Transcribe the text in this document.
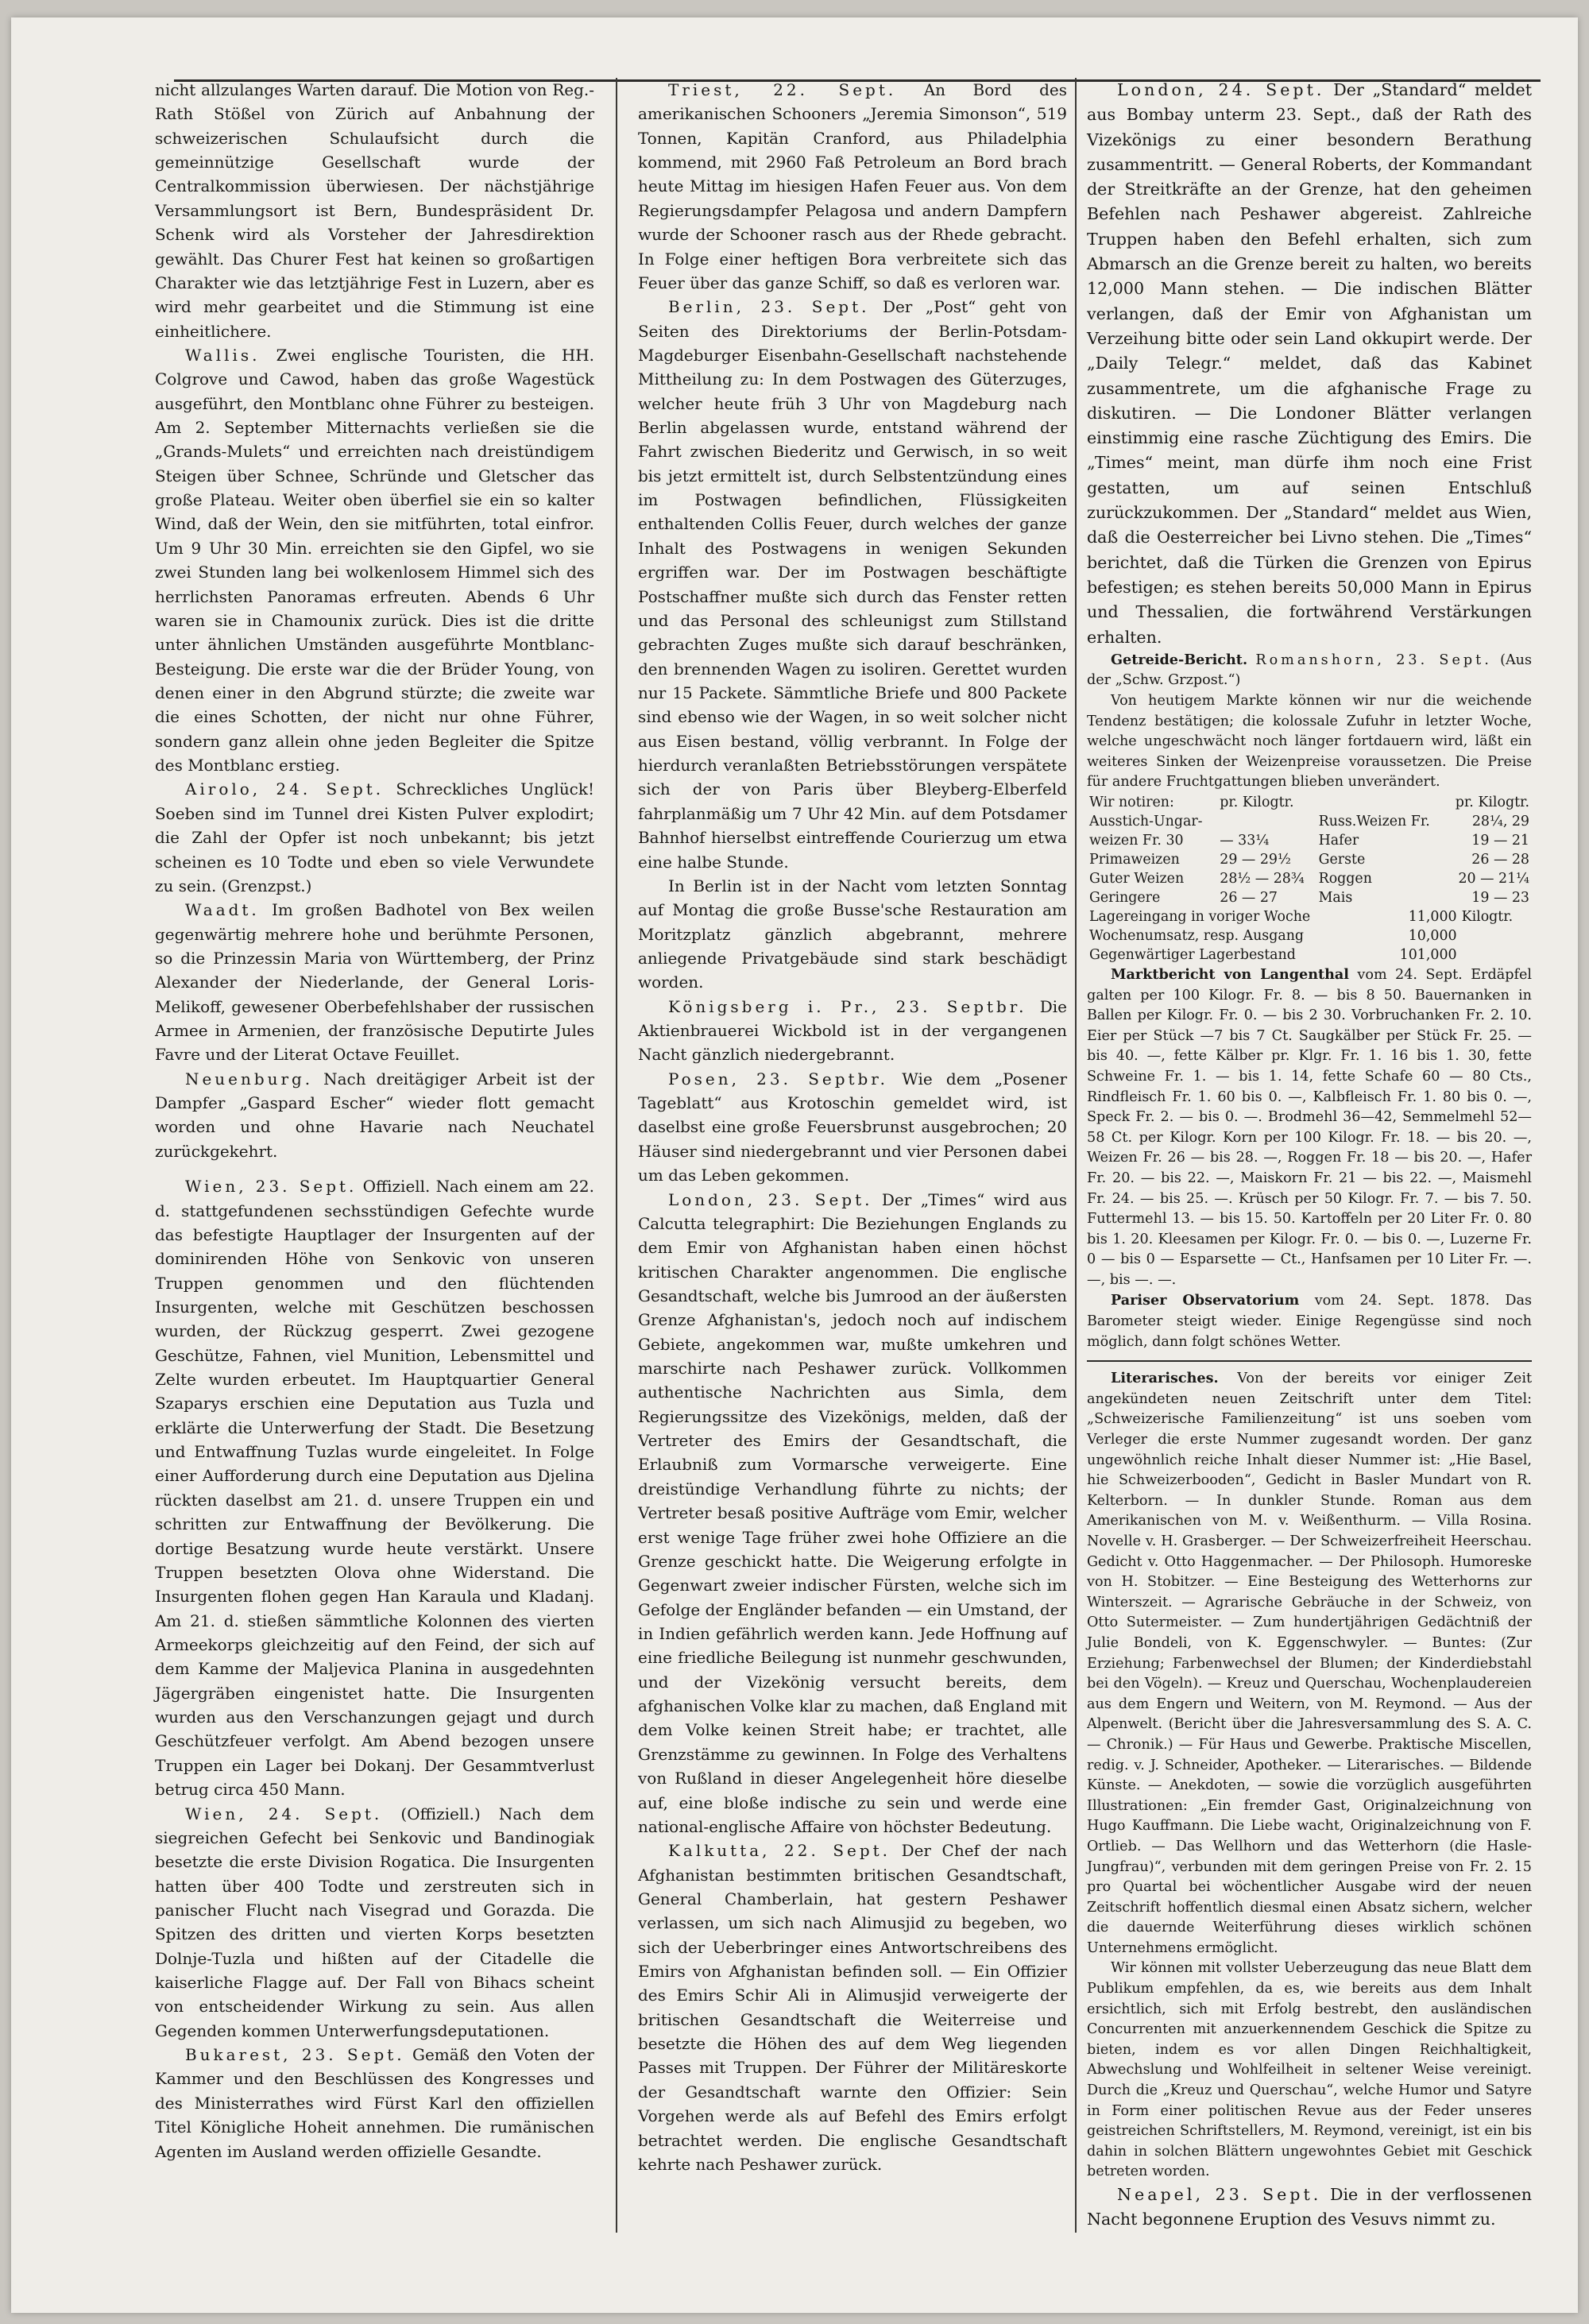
nicht allzulanges Warten darauf. Die Motion von Reg.-Rath Stößel von Zürich auf Anbahnung der schweizerischen Schulaufsicht durch die gemeinnützige Gesellschaft wurde der Centralkommission überwiesen. Der nächstjährige Versammlungsort ist Bern, Bundespräsident Dr. Schenk wird als Vorsteher der Jahresdirektion gewählt. Das Churer Fest hat keinen so großartigen Charakter wie das letztjährige Fest in Luzern, aber es wird mehr gearbeitet und die Stimmung ist eine einheitlichere.

Wallis. Zwei englische Touristen, die HH. Colgrove und Cawod, haben das große Wagestück ausgeführt, den Montblanc ohne Führer zu besteigen. Am 2. September Mitternachts verließen sie die „Grands-Mulets“ und erreichten nach dreistündigem Steigen über Schnee, Schründe und Gletscher das große Plateau. Weiter oben überfiel sie ein so kalter Wind, daß der Wein, den sie mitführten, total einfror. Um 9 Uhr 30 Min. erreichten sie den Gipfel, wo sie zwei Stunden lang bei wolkenlosem Himmel sich des herrlichsten Panoramas erfreuten. Abends 6 Uhr waren sie in Chamounix zurück. Dies ist die dritte unter ähnlichen Umständen ausgeführte Montblanc-Besteigung. Die erste war die der Brüder Young, von denen einer in den Abgrund stürzte; die zweite war die eines Schotten, der nicht nur ohne Führer, sondern ganz allein ohne jeden Begleiter die Spitze des Montblanc erstieg.

Airolo, 24. Sept. Schreckliches Unglück! Soeben sind im Tunnel drei Kisten Pulver explodirt; die Zahl der Opfer ist noch unbekannt; bis jetzt scheinen es 10 Todte und eben so viele Verwundete zu sein. (Grenzpst.)

Waadt. Im großen Badhotel von Bex weilen gegenwärtig mehrere hohe und berühmte Personen, so die Prinzessin Maria von Württemberg, der Prinz Alexander der Niederlande, der General Loris-Melikoff, gewesener Oberbefehlshaber der russischen Armee in Armenien, der französische Deputirte Jules Favre und der Literat Octave Feuillet.

Neuenburg. Nach dreitägiger Arbeit ist der Dampfer „Gaspard Escher“ wieder flott gemacht worden und ohne Havarie nach Neuchatel zurückgekehrt.

Wien, 23. Sept. Offiziell. Nach einem am 22. d. stattgefundenen sechsstündigen Gefechte wurde das befestigte Hauptlager der Insurgenten auf der dominirenden Höhe von Senkovic von unseren Truppen genommen und den flüchtenden Insurgenten, welche mit Geschützen beschossen wurden, der Rückzug gesperrt. Zwei gezogene Geschütze, Fahnen, viel Munition, Lebensmittel und Zelte wurden erbeutet. Im Hauptquartier General Szaparys erschien eine Deputation aus Tuzla und erklärte die Unterwerfung der Stadt. Die Besetzung und Entwaffnung Tuzlas wurde eingeleitet. In Folge einer Aufforderung durch eine Deputation aus Djelina rückten daselbst am 21. d. unsere Truppen ein und schritten zur Entwaffnung der Bevölkerung. Die dortige Besatzung wurde heute verstärkt. Unsere Truppen besetzten Olova ohne Widerstand. Die Insurgenten flohen gegen Han Karaula und Kladanj. Am 21. d. stießen sämmtliche Kolonnen des vierten Armeekorps gleichzeitig auf den Feind, der sich auf dem Kamme der Maljevica Planina in ausgedehnten Jägergräben eingenistet hatte. Die Insurgenten wurden aus den Verschanzungen gejagt und durch Geschützfeuer verfolgt. Am Abend bezogen unsere Truppen ein Lager bei Dokanj. Der Gesammtverlust betrug circa 450 Mann.

Wien, 24. Sept. (Offiziell.) Nach dem siegreichen Gefecht bei Senkovic und Bandinogiak besetzte die erste Division Rogatica. Die Insurgenten hatten über 400 Todte und zerstreuten sich in panischer Flucht nach Visegrad und Gorazda. Die Spitzen des dritten und vierten Korps besetzten Dolnje-Tuzla und hißten auf der Citadelle die kaiserliche Flagge auf. Der Fall von Bihacs scheint von entscheidender Wirkung zu sein. Aus allen Gegenden kommen Unterwerfungsdeputationen.

Bukarest, 23. Sept. Gemäß den Voten der Kammer und den Beschlüssen des Kongresses und des Ministerrathes wird Fürst Karl den offiziellen Titel Königliche Hoheit annehmen. Die rumänischen Agenten im Ausland werden offizielle Gesandte.

Triest, 22. Sept. An Bord des amerikanischen Schooners „Jeremia Simonson“, 519 Tonnen, Kapitän Cranford, aus Philadelphia kommend, mit 2960 Faß Petroleum an Bord brach heute Mittag im hiesigen Hafen Feuer aus. Von dem Regierungsdampfer Pelagosa und andern Dampfern wurde der Schooner rasch aus der Rhede gebracht. In Folge einer heftigen Bora verbreitete sich das Feuer über das ganze Schiff, so daß es verloren war.

Berlin, 23. Sept. Der „Post“ geht von Seiten des Direktoriums der Berlin-Potsdam-Magdeburger Eisenbahn-Gesellschaft nachstehende Mittheilung zu: In dem Postwagen des Güterzuges, welcher heute früh 3 Uhr von Magdeburg nach Berlin abgelassen wurde, entstand während der Fahrt zwischen Biederitz und Gerwisch, in so weit bis jetzt ermittelt ist, durch Selbstentzündung eines im Postwagen befindlichen, Flüssigkeiten enthaltenden Collis Feuer, durch welches der ganze Inhalt des Postwagens in wenigen Sekunden ergriffen war. Der im Postwagen beschäftigte Postschaffner mußte sich durch das Fenster retten und das Personal des schleunigst zum Stillstand gebrachten Zuges mußte sich darauf beschränken, den brennenden Wagen zu isoliren. Gerettet wurden nur 15 Packete. Sämmtliche Briefe und 800 Packete sind ebenso wie der Wagen, in so weit solcher nicht aus Eisen bestand, völlig verbrannt. In Folge der hierdurch veranlaßten Betriebsstörungen verspätete sich der von Paris über Bleyberg-Elberfeld fahrplanmäßig um 7 Uhr 42 Min. auf dem Potsdamer Bahnhof hierselbst eintreffende Courierzug um etwa eine halbe Stunde.

In Berlin ist in der Nacht vom letzten Sonntag auf Montag die große Busse'sche Restauration am Moritzplatz gänzlich abgebrannt, mehrere anliegende Privatgebäude sind stark beschädigt worden.

Königsberg i. Pr., 23. Septbr. Die Aktienbrauerei Wickbold ist in der vergangenen Nacht gänzlich niedergebrannt.

Posen, 23. Septbr. Wie dem „Posener Tageblatt“ aus Krotoschin gemeldet wird, ist daselbst eine große Feuersbrunst ausgebrochen; 20 Häuser sind niedergebrannt und vier Personen dabei um das Leben gekommen.

London, 23. Sept. Der „Times“ wird aus Calcutta telegraphirt: Die Beziehungen Englands zu dem Emir von Afghanistan haben einen höchst kritischen Charakter angenommen. Die englische Gesandtschaft, welche bis Jumrood an der äußersten Grenze Afghanistan's, jedoch noch auf indischem Gebiete, angekommen war, mußte umkehren und marschirte nach Peshawer zurück. Vollkommen authentische Nachrichten aus Simla, dem Regierungssitze des Vizekönigs, melden, daß der Vertreter des Emirs der Gesandtschaft, die Erlaubniß zum Vormarsche verweigerte. Eine dreistündige Verhandlung führte zu nichts; der Vertreter besaß positive Aufträge vom Emir, welcher erst wenige Tage früher zwei hohe Offiziere an die Grenze geschickt hatte. Die Weigerung erfolgte in Gegenwart zweier indischer Fürsten, welche sich im Gefolge der Engländer befanden — ein Umstand, der in Indien gefährlich werden kann. Jede Hoffnung auf eine friedliche Beilegung ist nunmehr geschwunden, und der Vizekönig versucht bereits, dem afghanischen Volke klar zu machen, daß England mit dem Volke keinen Streit habe; er trachtet, alle Grenzstämme zu gewinnen. In Folge des Verhaltens von Rußland in dieser Angelegenheit höre dieselbe auf, eine bloße indische zu sein und werde eine national-englische Affaire von höchster Bedeutung.

Kalkutta, 22. Sept. Der Chef der nach Afghanistan bestimmten britischen Gesandtschaft, General Chamberlain, hat gestern Peshawer verlassen, um sich nach Alimusjid zu begeben, wo sich der Ueberbringer eines Antwortschreibens des Emirs von Afghanistan befinden soll. — Ein Offizier des Emirs Schir Ali in Alimusjid verweigerte der britischen Gesandtschaft die Weiterreise und besetzte die Höhen des auf dem Weg liegenden Passes mit Truppen. Der Führer der Militäreskorte der Gesandtschaft warnte den Offizier: Sein Vorgehen werde als auf Befehl des Emirs erfolgt betrachtet werden. Die englische Gesandtschaft kehrte nach Peshawer zurück.

London, 24. Sept. Der „Standard“ meldet aus Bombay unterm 23. Sept., daß der Rath des Vizekönigs zu einer besondern Berathung zusammentritt. — General Roberts, der Kommandant der Streitkräfte an der Grenze, hat den geheimen Befehlen nach Peshawer abgereist. Zahlreiche Truppen haben den Befehl erhalten, sich zum Abmarsch an die Grenze bereit zu halten, wo bereits 12,000 Mann stehen. — Die indischen Blätter verlangen, daß der Emir von Afghanistan um Verzeihung bitte oder sein Land okkupirt werde. Der „Daily Telegr.“ meldet, daß das Kabinet zusammentrete, um die afghanische Frage zu diskutiren. — Die Londoner Blätter verlangen einstimmig eine rasche Züchtigung des Emirs. Die „Times“ meint, man dürfe ihm noch eine Frist gestatten, um auf seinen Entschluß zurückzukommen. Der „Standard“ meldet aus Wien, daß die Oesterreicher bei Livno stehen. Die „Times“ berichtet, daß die Türken die Grenzen von Epirus befestigen; es stehen bereits 50,000 Mann in Epirus und Thessalien, die fortwährend Verstärkungen erhalten.

Getreide-Bericht. Romanshorn, 23. Sept. (Aus der „Schw. Grzpost.“)

Von heutigem Markte können wir nur die weichende Tendenz bestätigen; die kolossale Zufuhr in letzter Woche, welche ungeschwächt noch länger fortdauern wird, läßt ein weiteres Sinken der Weizenpreise voraussetzen. Die Preise für andere Fruchtgattungen blieben unverändert.

Wir notiren:	pr. Kilogtr.		pr. Kilogtr.
Ausstich-Ungar-		Russ.Weizen Fr.	28¼, 29
weizen Fr. 30	— 33¼	Hafer	19 — 21
Primaweizen	29 — 29½	Gerste	26 — 28
Guter Weizen	28½ — 28¾	Roggen	20 — 21¼
Geringere	26 — 27	Mais	19 — 23
Lagereingang in voriger Woche	11,000	Kilogtr.
Wochenumsatz, resp. Ausgang	10,000	
Gegenwärtiger Lagerbestand	101,000	

Marktbericht von Langenthal vom 24. Sept. Erdäpfel galten per 100 Kilogr. Fr. 8. — bis 8 50. Bauernanken in Ballen per Kilogr. Fr. 0. — bis 2 30. Vorbruchanken Fr. 2. 10. Eier per Stück —7 bis 7 Ct. Saugkälber per Stück Fr. 25. — bis 40. —, fette Kälber pr. Klgr. Fr. 1. 16 bis 1. 30, fette Schweine Fr. 1. — bis 1. 14, fette Schafe 60 — 80 Cts., Rindfleisch Fr. 1. 60 bis 0. —, Kalbfleisch Fr. 1. 80 bis 0. —, Speck Fr. 2. — bis 0. —. Brodmehl 36—42, Semmelmehl 52—58 Ct. per Kilogr. Korn per 100 Kilogr. Fr. 18. — bis 20. —, Weizen Fr. 26 — bis 28. —, Roggen Fr. 18 — bis 20. —, Hafer Fr. 20. — bis 22. —, Maiskorn Fr. 21 — bis 22. —, Maismehl Fr. 24. — bis 25. —. Krüsch per 50 Kilogr. Fr. 7. — bis 7. 50. Futtermehl 13. — bis 15. 50. Kartoffeln per 20 Liter Fr. 0. 80 bis 1. 20. Kleesamen per Kilogr. Fr. 0. — bis 0. —, Luzerne Fr. 0 — bis 0 — Esparsette — Ct., Hanfsamen per 10 Liter Fr. —. —, bis —. —.

Pariser Observatorium vom 24. Sept. 1878. Das Barometer steigt wieder. Einige Regengüsse sind noch möglich, dann folgt schönes Wetter.

Literarisches. Von der bereits vor einiger Zeit angekündeten neuen Zeitschrift unter dem Titel: „Schweizerische Familienzeitung“ ist uns soeben vom Verleger die erste Nummer zugesandt worden. Der ganz ungewöhnlich reiche Inhalt dieser Nummer ist: „Hie Basel, hie Schweizerbooden“, Gedicht in Basler Mundart von R. Kelterborn. — In dunkler Stunde. Roman aus dem Amerikanischen von M. v. Weißenthurm. — Villa Rosina. Novelle v. H. Grasberger. — Der Schweizerfreiheit Heerschau. Gedicht v. Otto Haggenmacher. — Der Philosoph. Humoreske von H. Stobitzer. — Eine Besteigung des Wetterhorns zur Winterszeit. — Agrarische Gebräuche in der Schweiz, von Otto Sutermeister. — Zum hundertjährigen Gedächtniß der Julie Bondeli, von K. Eggenschwyler. — Buntes: (Zur Erziehung; Farbenwechsel der Blumen; der Kinderdiebstahl bei den Vögeln). — Kreuz und Querschau, Wochenplaudereien aus dem Engern und Weitern, von M. Reymond. — Aus der Alpenwelt. (Bericht über die Jahresversammlung des S. A. C. — Chronik.) — Für Haus und Gewerbe. Praktische Miscellen, redig. v. J. Schneider, Apotheker. — Literarisches. — Bildende Künste. — Anekdoten, — sowie die vorzüglich ausgeführten Illustrationen: „Ein fremder Gast, Originalzeichnung von Hugo Kauffmann. Die Liebe wacht, Originalzeichnung von F. Ortlieb. — Das Wellhorn und das Wetterhorn (die Hasle-Jungfrau)“, verbunden mit dem geringen Preise von Fr. 2. 15 pro Quartal bei wöchentlicher Ausgabe wird der neuen Zeitschrift hoffentlich diesmal einen Absatz sichern, welcher die dauernde Weiterführung dieses wirklich schönen Unternehmens ermöglicht.

Wir können mit vollster Ueberzeugung das neue Blatt dem Publikum empfehlen, da es, wie bereits aus dem Inhalt ersichtlich, sich mit Erfolg bestrebt, den ausländischen Concurrenten mit anzuerkennendem Geschick die Spitze zu bieten, indem es vor allen Dingen Reichhaltigkeit, Abwechslung und Wohlfeilheit in seltener Weise vereinigt. Durch die „Kreuz und Querschau“, welche Humor und Satyre in Form einer politischen Revue aus der Feder unseres geistreichen Schriftstellers, M. Reymond, vereinigt, ist ein bis dahin in solchen Blättern ungewohntes Gebiet mit Geschick betreten worden.

Neapel, 23. Sept. Die in der verflossenen Nacht begonnene Eruption des Vesuvs nimmt zu.
